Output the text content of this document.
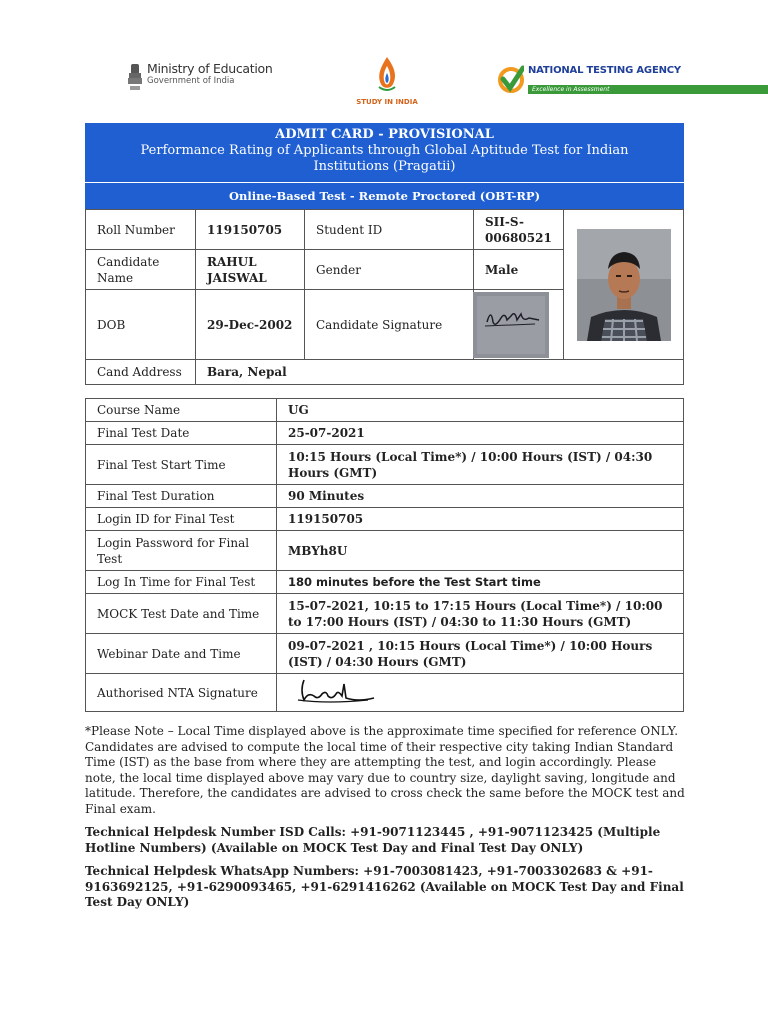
Ministry of Education
Government of India
STUDY IN INDIA
NATIONAL TESTING AGENCY
Excellence in Assessment
ADMIT CARD - PROVISIONAL
Performance Rating of Applicants through Global Aptitude Test for Indian Institutions (Pragatii)
Online-Based Test - Remote Proctored (OBT-RP)
Roll Number	119150705	Student ID	SII-S-00680521	

Candidate Name	RAHUL JAISWAL	Gender	Male	
DOB	29-Dec-2002	Candidate Signature	

Cand Address	Bara, Nepal			
Course Name	UG
Final Test Date	25-07-2021
Final Test Start Time	10:15 Hours (Local Time*) / 10:00 Hours (IST) / 04:30 Hours (GMT)
Final Test Duration	90 Minutes
Login ID for Final Test	119150705
Login Password for Final Test	MBYh8U
Log In Time for Final Test	180 minutes before the Test Start time
MOCK Test Date and Time	15-07-2021, 10:15 to 17:15 Hours (Local Time*) / 10:00 to 17:00 Hours (IST) / 04:30 to 11:30 Hours (GMT)
Webinar Date and Time	09-07-2021 , 10:15 Hours (Local Time*) / 10:00 Hours (IST) / 04:30 Hours (GMT)
Authorised NTA Signature	

*Please Note – Local Time displayed above is the approximate time specified for reference ONLY. Candidates are advised to compute the local time of their respective city taking Indian Standard Time (IST) as the base from where they are attempting the test, and login accordingly. Please note, the local time displayed above may vary due to country size, daylight saving, longitude and latitude. Therefore, the candidates are advised to cross check the same before the MOCK test and Final exam.

Technical Helpdesk Number ISD Calls: +91-9071123445 , +91-9071123425 (Multiple Hotline Numbers) (Available on MOCK Test Day and Final Test Day ONLY)

Technical Helpdesk WhatsApp Numbers: +91-7003081423, +91-7003302683 & +91-9163692125, +91-6290093465, +91-6291416262 (Available on MOCK Test Day and Final Test Day ONLY)
